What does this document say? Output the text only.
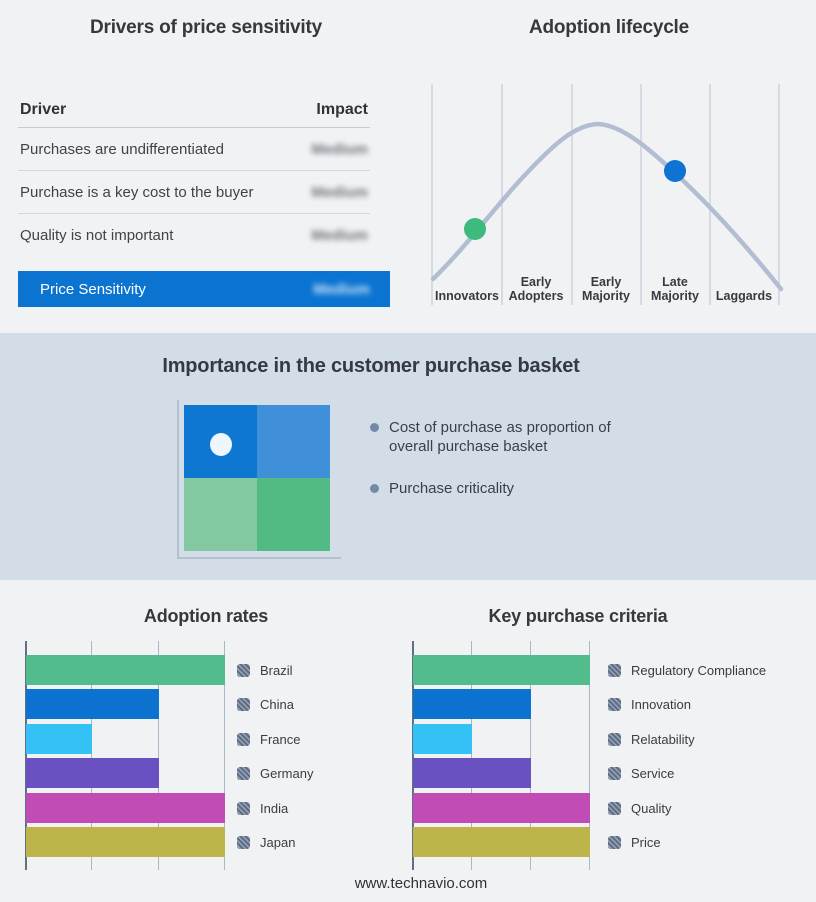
Drivers of price sensitivity
Driver	Impact
Purchases are undifferentiated	Medium
Purchase is a key cost to the buyer	Medium
Quality is not important	Medium
Price Sensitivity	Medium
Adoption lifecycle
Innovators
Early Adopters
Early Majority
Late Majority	Laggards
Importance in the customer purchase basket
Cost of purchase as proportion of overall purchase basket
Purchase criticality
Adoption rates
Brazil
China
France
Germany
India
Japan
Key purchase criteria
Regulatory Compliance
Innovation
Relatability
Service
Quality
Price
www.technavio.com
